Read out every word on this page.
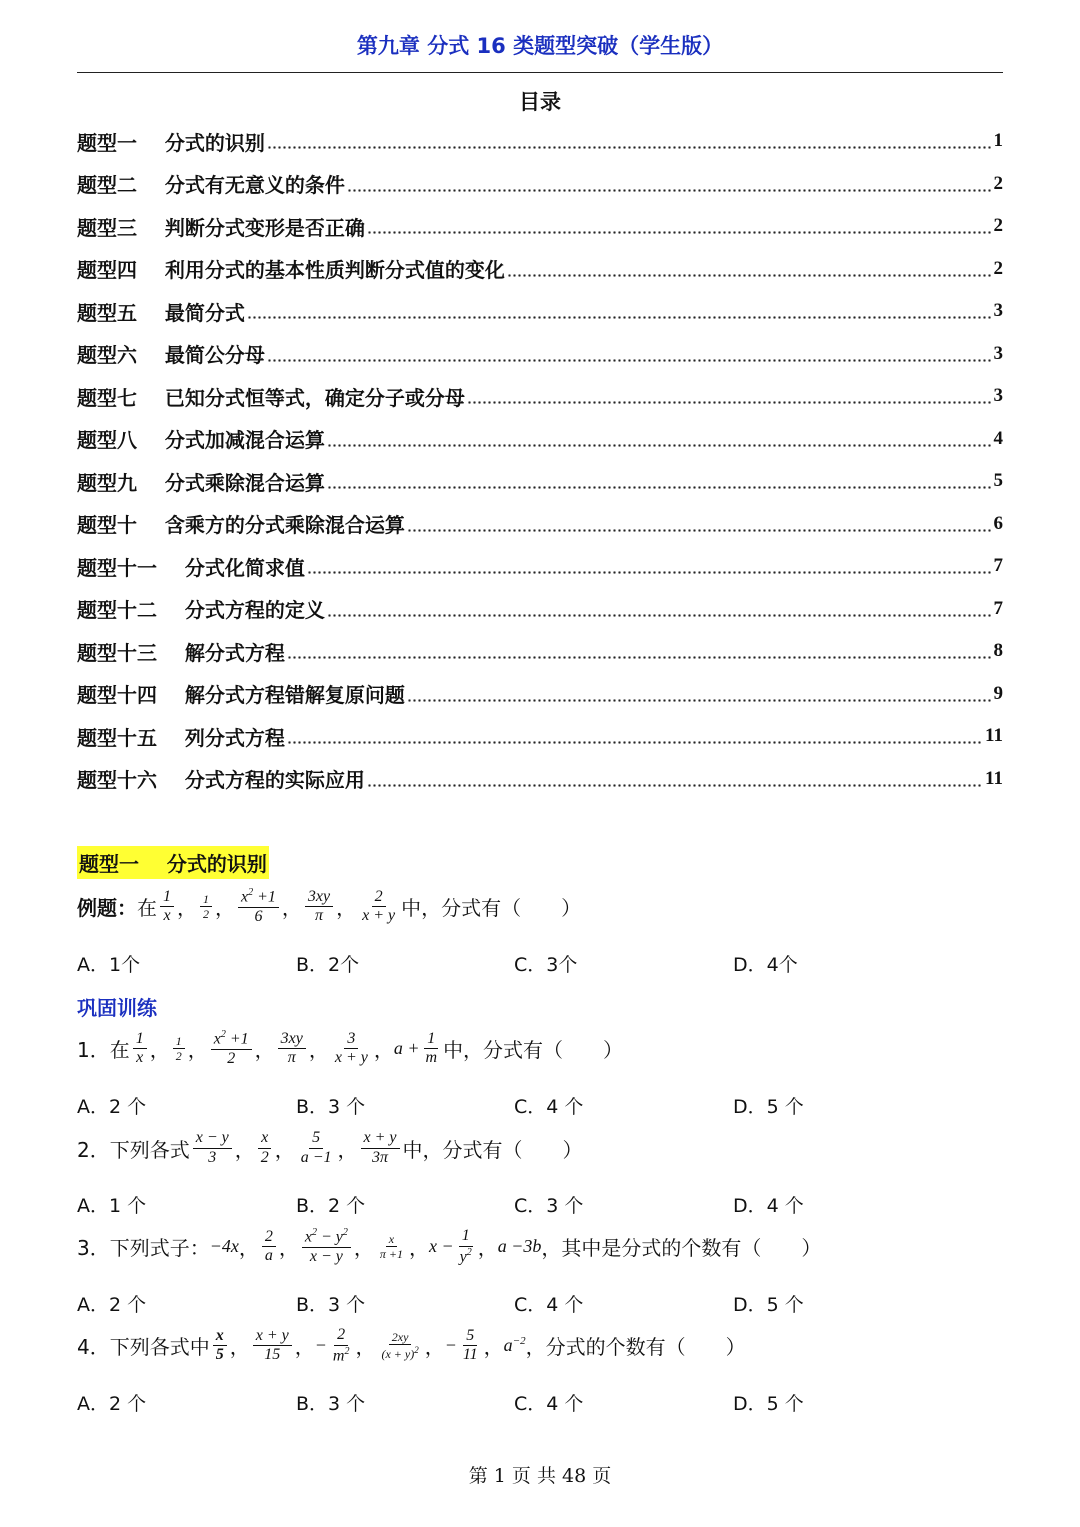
第九章 分式 16 类题型突破（学生版）
目录
题型一    分式的识别	1
题型二    分式有无意义的条件	2
题型三    判断分式变形是否正确	2
题型四    利用分式的基本性质判断分式值的变化	2
题型五    最简分式	3
题型六    最简公分母	3
题型七    已知分式恒等式，确定分子或分母	3
题型八    分式加减混合运算	4
题型九    分式乘除混合运算	5
题型十    含乘方的分式乘除混合运算	6
题型十一    分式化简求值	7
题型十二    分式方程的定义	7
题型十三    解分式方程	8
题型十四    解分式方程错解复原问题	9
题型十五    列分式方程	11
题型十六    分式方程的实际应用	11
题型一    分式的识别
例题： 在 $\frac{1}{x}$ ， $\frac{1}{2}$ ， $\frac{x^2 +1}{6}$ ， $\frac{3xy}{\pi}$ ， $\frac{2}{x + y}$ 中，分式有（　　）
A．1个	B．2个	C．3个	D．4个
巩固训练
1． 在 $\frac{1}{x}$ ， $\frac{1}{2}$ ， $\frac{x^2 +1}{2}$ ， $\frac{3xy}{\pi}$ ， $\frac{3}{x + y}$ ， $a + \frac{1}{m}$ 中，分式有（　　）
A．2 个	B．3 个	C．4 个	D．5 个
2． 下列各式 $\frac{x - y}{3}$ ， $\frac{x}{2}$ ， $\frac{5}{a -1}$ ， $\frac{x + y}{3\pi}$ 中，分式有（　　）
A．1 个	B．2 个	C．3 个	D．4 个
3． 下列式子： −4x ， $\frac{2}{a}$ ， $\frac{x^2 - y^2}{x - y}$ ， $\frac{x}{\pi +1}$ ， $x - \frac{1}{y^2}$ ， a −3b ，其中是分式的个数有（　　）
A．2 个	B．3 个	C．4 个	D．5 个
4． 下列各式中 $\frac{x}{5}$ ， $\frac{x + y}{15}$ ， − $\frac{2}{m^2}$ ， $\frac{2xy}{(x + y)^2}$ ， − $\frac{5}{11}$ ， $a^{-2}$ ，分式的个数有（　　）
A．2 个	B．3 个	C．4 个	D．5 个
第 1 页 共 48 页
